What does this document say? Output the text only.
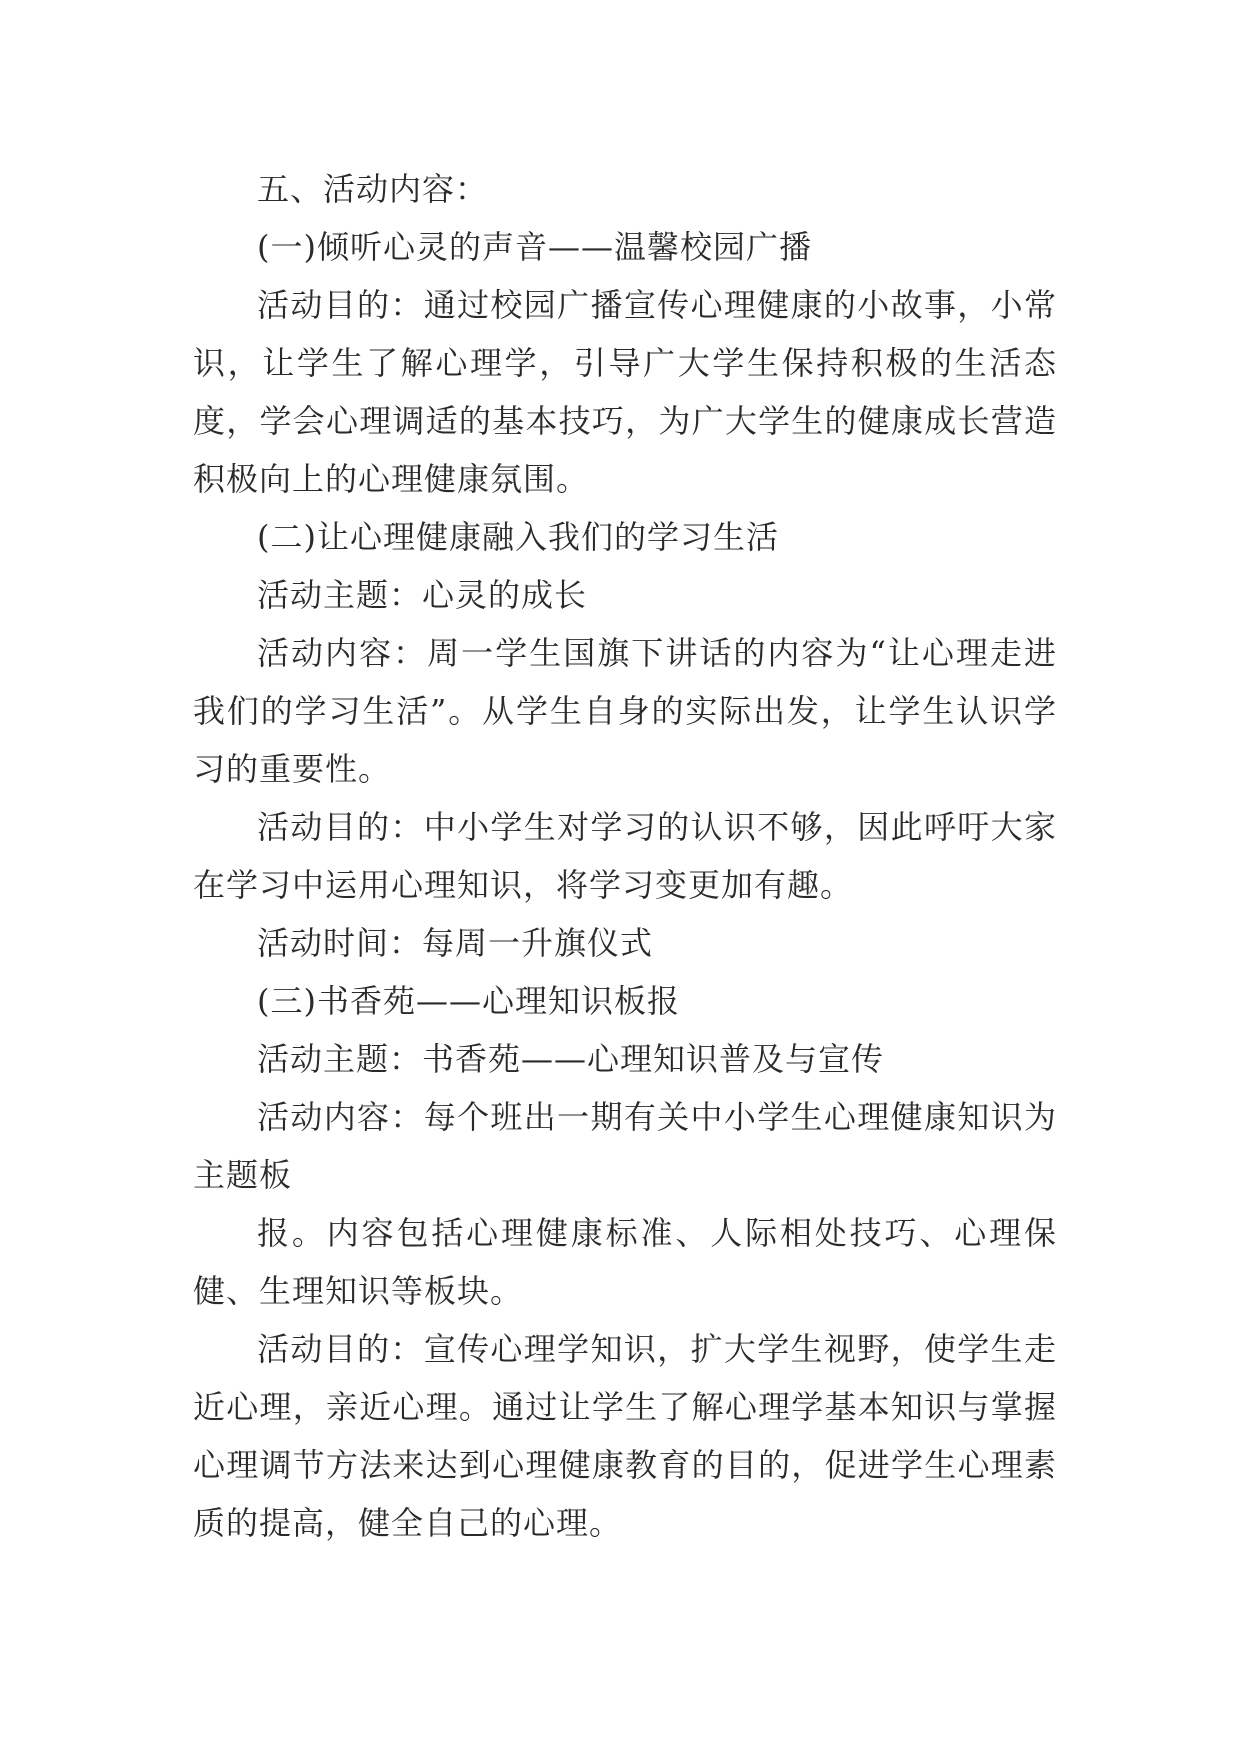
五、活动内容：

(一)倾听心灵的声音——温馨校园广播

活动目的：通过校园广播宣传心理健康的小故事，小常识，让学生了解心理学，引导广大学生保持积极的生活态度，学会心理调适的基本技巧，为广大学生的健康成长营造积极向上的心理健康氛围。

(二)让心理健康融入我们的学习生活

活动主题：心灵的成长

活动内容：周一学生国旗下讲话的内容为“让心理走进我们的学习生活”。从学生自身的实际出发，让学生认识学习的重要性。

活动目的：中小学生对学习的认识不够，因此呼吁大家在学习中运用心理知识，将学习变更加有趣。

活动时间：每周一升旗仪式

(三)书香苑——心理知识板报

活动主题：书香苑——心理知识普及与宣传

活动内容：每个班出一期有关中小学生心理健康知识为主题板

报。内容包括心理健康标准、人际相处技巧、心理保健、生理知识等板块。

活动目的：宣传心理学知识，扩大学生视野，使学生走近心理，亲近心理。通过让学生了解心理学基本知识与掌握心理调节方法来达到心理健康教育的目的，促进学生心理素质的提高，健全自己的心理。
